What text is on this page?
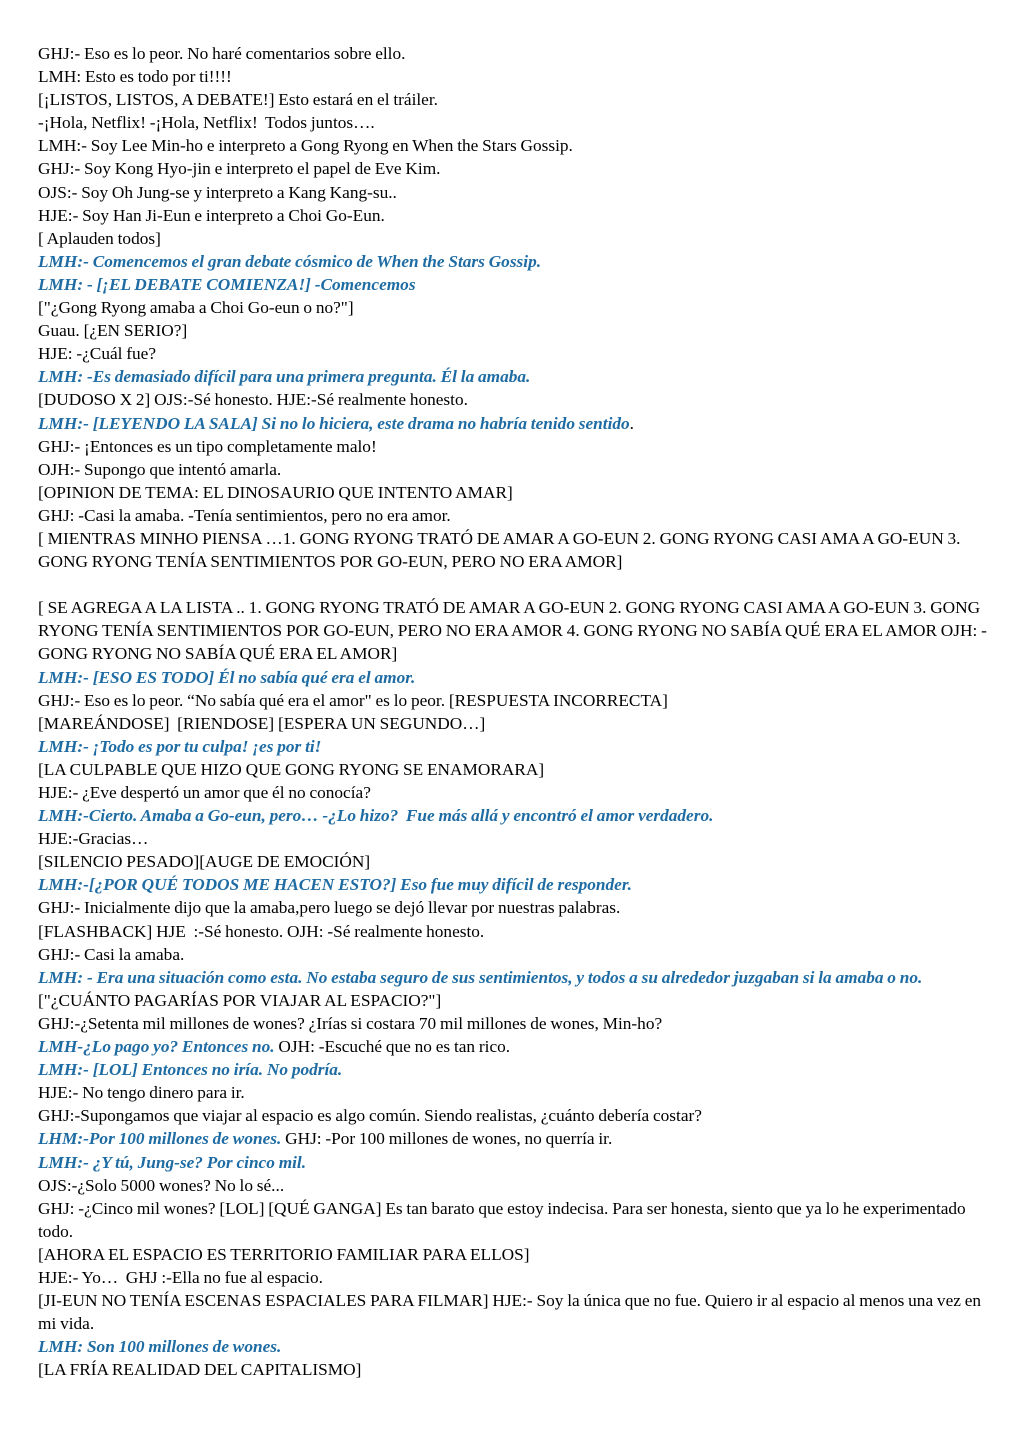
GHJ:- Eso es lo peor. No haré comentarios sobre ello.

LMH: Esto es todo por ti!!!!

[¡LISTOS, LISTOS, A DEBATE!] Esto estará en el tráiler.

-¡Hola, Netflix! -¡Hola, Netflix!  Todos juntos….

LMH:- Soy Lee Min-ho e interpreto a Gong Ryong en When the Stars Gossip.

GHJ:- Soy Kong Hyo-jin e interpreto el papel de Eve Kim.

OJS:- Soy Oh Jung-se y interpreto a Kang Kang-su..

HJE:- Soy Han Ji-Eun e interpreto a Choi Go-Eun.

[ Aplauden todos]

LMH:- Comencemos el gran debate cósmico de When the Stars Gossip.

LMH: - [¡EL DEBATE COMIENZA!] -Comencemos

["¿Gong Ryong amaba a Choi Go-eun o no?"]

Guau. [¿EN SERIO?]

HJE: -¿Cuál fue?

LMH: -Es demasiado difícil para una primera pregunta. Él la amaba.

[DUDOSO X 2] OJS:-Sé honesto. HJE:-Sé realmente honesto.

LMH:- [LEYENDO LA SALA] Si no lo hiciera, este drama no habría tenido sentido.

GHJ:- ¡Entonces es un tipo completamente malo!

OJH:- Supongo que intentó amarla.

[OPINION DE TEMA: EL DINOSAURIO QUE INTENTO AMAR]

GHJ: -Casi la amaba. -Tenía sentimientos, pero no era amor.

[ MIENTRAS MINHO PIENSA …1. GONG RYONG TRATÓ DE AMAR A GO-EUN 2. GONG RYONG CASI AMA A GO-EUN 3. GONG RYONG TENÍA SENTIMIENTOS POR GO-EUN, PERO NO ERA AMOR]

[ SE AGREGA A LA LISTA .. 1. GONG RYONG TRATÓ DE AMAR A GO-EUN 2. GONG RYONG CASI AMA A GO-EUN 3. GONG RYONG TENÍA SENTIMIENTOS POR GO-EUN, PERO NO ERA AMOR 4. GONG RYONG NO SABÍA QUÉ ERA EL AMOR OJH: - GONG RYONG NO SABÍA QUÉ ERA EL AMOR]

LMH:- [ESO ES TODO] Él no sabía qué era el amor.

GHJ:- Eso es lo peor. “No sabía qué era el amor" es lo peor. [RESPUESTA INCORRECTA]

[MAREÁNDOSE]  [RIENDOSE] [ESPERA UN SEGUNDO…]

LMH:- ¡Todo es por tu culpa! ¡es por ti!

[LA CULPABLE QUE HIZO QUE GONG RYONG SE ENAMORARA]

HJE:- ¿Eve despertó un amor que él no conocía?

LMH:-Cierto. Amaba a Go-eun, pero… -¿Lo hizo?  Fue más allá y encontró el amor verdadero.

HJE:-Gracias…

[SILENCIO PESADO][AUGE DE EMOCIÓN]

LMH:-[¿POR QUÉ TODOS ME HACEN ESTO?] Eso fue muy difícil de responder.

GHJ:- Inicialmente dijo que la amaba,pero luego se dejó llevar por nuestras palabras.

[FLASHBACK] HJE  :-Sé honesto. OJH: -Sé realmente honesto.

GHJ:- Casi la amaba.

LMH: - Era una situación como esta. No estaba seguro de sus sentimientos, y todos a su alrededor juzgaban si la amaba o no.

["¿CUÁNTO PAGARÍAS POR VIAJAR AL ESPACIO?"]

GHJ:-¿Setenta mil millones de wones? ¿Irías si costara 70 mil millones de wones, Min-ho?

LMH-¿Lo pago yo? Entonces no. OJH: -Escuché que no es tan rico.

LMH:- [LOL] Entonces no iría. No podría.

HJE:- No tengo dinero para ir.

GHJ:-Supongamos que viajar al espacio es algo común. Siendo realistas, ¿cuánto debería costar?

LHM:-Por 100 millones de wones. GHJ: -Por 100 millones de wones, no querría ir.

LMH:- ¿Y tú, Jung-se? Por cinco mil.

OJS:-¿Solo 5000 wones? No lo sé...

GHJ: -¿Cinco mil wones? [LOL] [QUÉ GANGA] Es tan barato que estoy indecisa. Para ser honesta, siento que ya lo he experimentado todo.

[AHORA EL ESPACIO ES TERRITORIO FAMILIAR PARA ELLOS]

HJE:- Yo…  GHJ :-Ella no fue al espacio.

[JI-EUN NO TENÍA ESCENAS ESPACIALES PARA FILMAR] HJE:- Soy la única que no fue. Quiero ir al espacio al menos una vez en mi vida.

LMH: Son 100 millones de wones.

[LA FRÍA REALIDAD DEL CAPITALISMO]
